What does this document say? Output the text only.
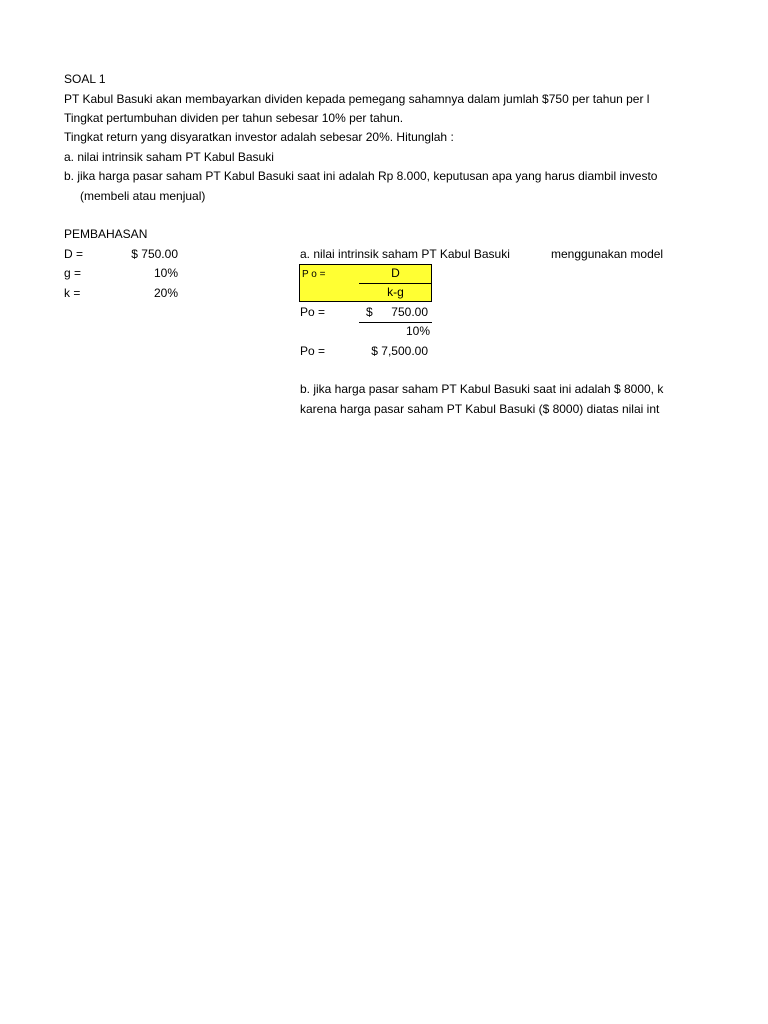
SOAL 1
PT Kabul Basuki akan membayarkan dividen kepada pemegang sahamnya dalam jumlah $750 per tahun per l
Tingkat pertumbuhan dividen per tahun sebesar 10% per tahun.
Tingkat return yang disyaratkan investor adalah sebesar 20%. Hitunglah :
a. nilai intrinsik saham PT Kabul Basuki
b. jika harga pasar saham PT Kabul Basuki saat ini adalah Rp 8.000, keputusan apa yang harus diambil investo
(membeli atau menjual)
PEMBAHASAN
D =	$ 750.00
g =	10%
k =	20%
a. nilai intrinsik saham PT Kabul Basuki	menggunakan model
P o =	D
k-g
Po =	$	750.00
10%
Po =	$ 7,500.00
b. jika harga pasar saham PT Kabul Basuki saat ini adalah $ 8000, k
karena harga pasar saham PT Kabul Basuki ($ 8000) diatas nilai int
